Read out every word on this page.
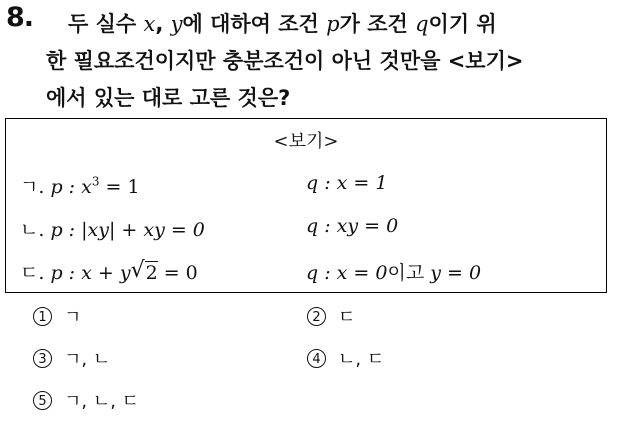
8. 두 실수 x, y에 대하여 조건 p가 조건 q이기 위
한 필요조건이지만 충분조건이 아닌 것만을 <보기>
에서 있는 대로 고른 것은?
<보기>
ㄱ. p : $x^3 = 1$	q : x = 1
ㄴ. p : |xy| + xy = 0	q : xy = 0
ㄷ. p : x + y √ 2 = 0	q : x = 0이고 y = 0
1 ㄱ	2 ㄷ
3 ㄱ, ㄴ	4 ㄴ, ㄷ
5 ㄱ, ㄴ, ㄷ
